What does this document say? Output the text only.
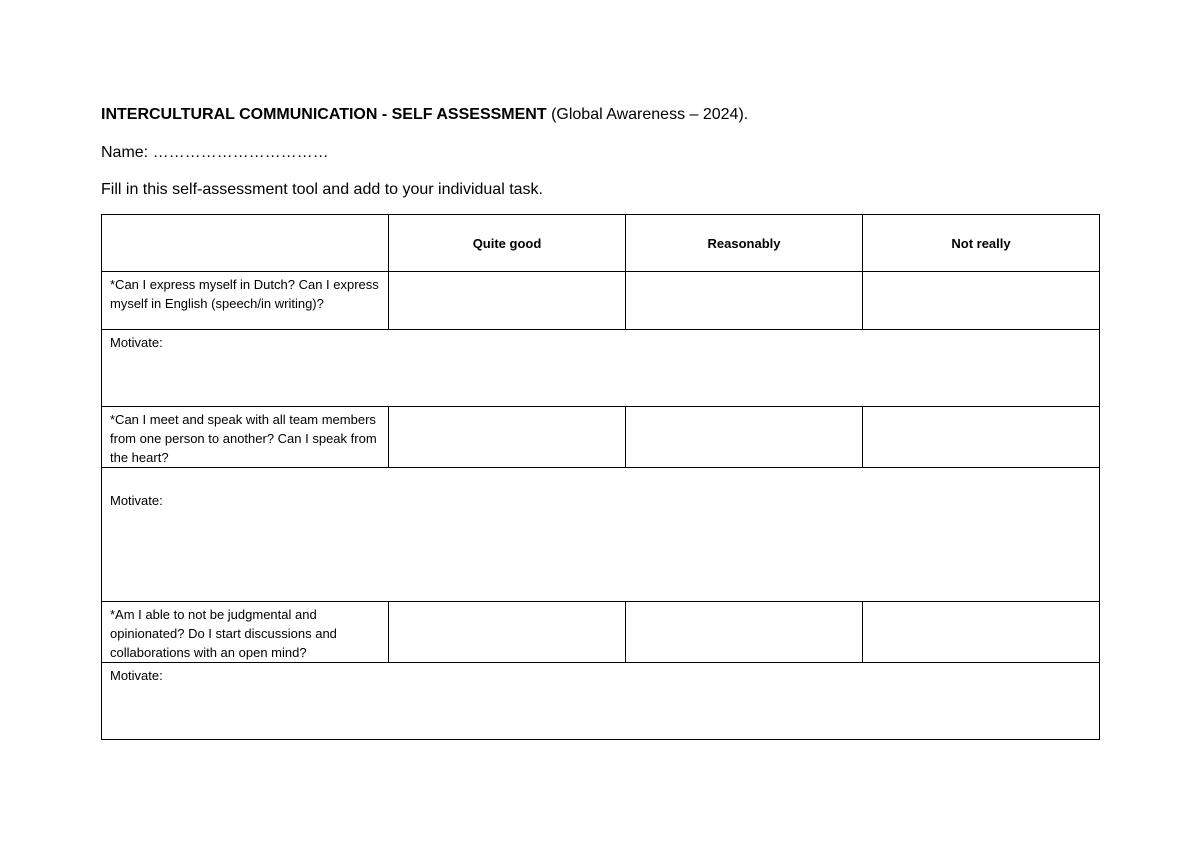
INTERCULTURAL COMMUNICATION - SELF ASSESSMENT (Global Awareness – 2024).
Name: ……………………………
Fill in this self-assessment tool and add to your individual task.
	Quite good	Reasonably	Not really

*Can I express myself in Dutch? Can I express myself in English (speech/in writing)?			

Motivate:			

*Can I meet and speak with all team members from one person to another? Can I speak from the heart?			

Motivate:			

*Am I able to not be judgmental and opinionated? Do I start discussions and collaborations with an open mind?			

Motivate:			
